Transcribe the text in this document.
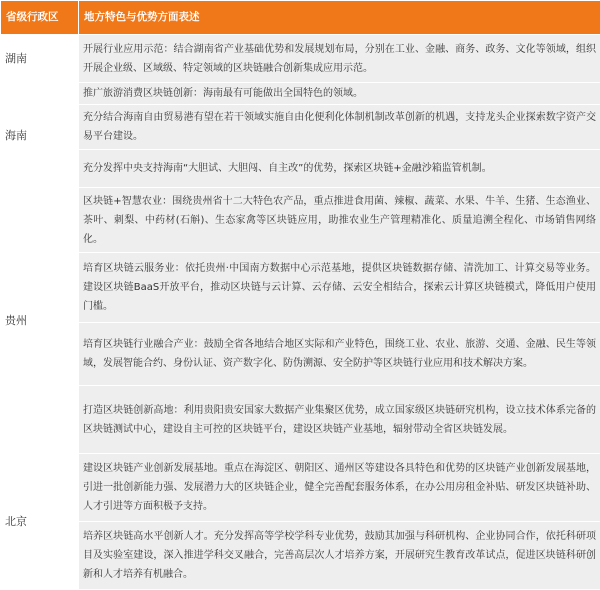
省级行政区	地方特色与优势方面表述
湖南	开展行业应用示范：结合湖南省产业基础优势和发展规划布局，分别在工业、金融、商务、政务、文化等领域，组织开展企业级、区域级、特定领域的区块链融合创新集成应用示范。
海南	推广旅游消费区块链创新：海南最有可能做出全国特色的领域。
	充分结合海南自由贸易港有望在若干领域实施自由化便利化体制机制改革创新的机遇，支持龙头企业探索数字资产交易平台建设。
	充分发挥中央支持海南“大胆试、大胆闯、自主改”的优势，探索区块链+金融沙箱监管机制。
贵州	区块链+智慧农业：围绕贵州省十二大特色农产品，重点推进食用菌、辣椒、蔬菜、水果、牛羊、生猪、生态渔业、茶叶、刺梨、中药材(石斛)、生态家禽等区块链应用，助推农业生产管理精准化、质量追溯全程化、市场销售网络化。
	培育区块链云服务业：依托贵州·中国南方数据中心示范基地，提供区块链数据存储、清洗加工、计算交易等业务。建设区块链BaaS开放平台，推动区块链与云计算、云存储、云安全相结合，探索云计算区块链模式，降低用户使用门槛。
	培育区块链行业融合产业：鼓励全省各地结合地区实际和产业特色，围绕工业、农业、旅游、交通、金融、民生等领域，发展智能合约、身份认证、资产数字化、防伪溯源、安全防护等区块链行业应用和技术解决方案。
	打造区块链创新高地：利用贵阳贵安国家大数据产业集聚区优势，成立国家级区块链研究机构，设立技术体系完备的区块链测试中心，建设自主可控的区块链平台，建设区块链产业基地，辐射带动全省区块链发展。
北京	建设区块链产业创新发展基地。重点在海淀区、朝阳区、通州区等建设各具特色和优势的区块链产业创新发展基地，引进一批创新能力强、发展潜力大的区块链企业，健全完善配套服务体系，在办公用房租金补贴、研发区块链补助、人才引进等方面积极予支持。
	培养区块链高水平创新人才。充分发挥高等学校学科专业优势，鼓励其加强与科研机构、企业协同合作，依托科研项目及实验室建设，深入推进学科交叉融合，完善高层次人才培养方案，开展研究生教育改革试点，促进区块链科研创新和人才培养有机融合。
